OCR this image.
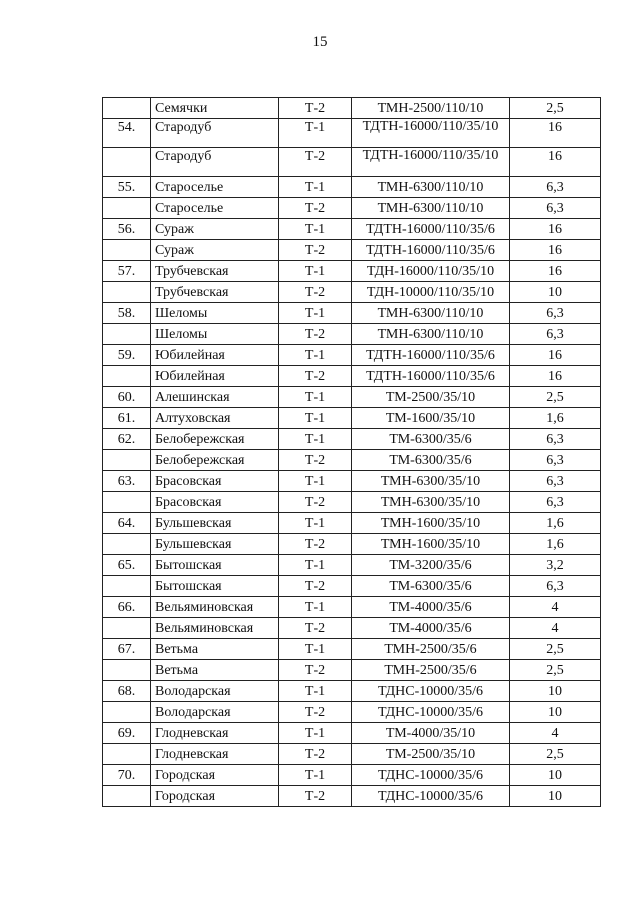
15
	Семячки	Т-2	ТМН-2500/110/10	2,5
54.	Стародуб	Т-1	ТДТН-16000/110/35/10	16
	Стародуб	Т-2	ТДТН-16000/110/35/10	16
55.	Староселье	Т-1	ТМН-6300/110/10	6,3
	Староселье	Т-2	ТМН-6300/110/10	6,3
56.	Сураж	Т-1	ТДТН-16000/110/35/6	16
	Сураж	Т-2	ТДТН-16000/110/35/6	16
57.	Трубчевская	Т-1	ТДН-16000/110/35/10	16
	Трубчевская	Т-2	ТДН-10000/110/35/10	10
58.	Шеломы	Т-1	ТМН-6300/110/10	6,3
	Шеломы	Т-2	ТМН-6300/110/10	6,3
59.	Юбилейная	Т-1	ТДТН-16000/110/35/6	16
	Юбилейная	Т-2	ТДТН-16000/110/35/6	16
60.	Алешинская	Т-1	ТМ-2500/35/10	2,5
61.	Алтуховская	Т-1	ТМ-1600/35/10	1,6
62.	Белобережская	Т-1	ТМ-6300/35/6	6,3
	Белобережская	Т-2	ТМ-6300/35/6	6,3
63.	Брасовская	Т-1	ТМН-6300/35/10	6,3
	Брасовская	Т-2	ТМН-6300/35/10	6,3
64.	Бульшевская	Т-1	ТМН-1600/35/10	1,6
	Бульшевская	Т-2	ТМН-1600/35/10	1,6
65.	Бытошская	Т-1	ТМ-3200/35/6	3,2
	Бытошская	Т-2	ТМ-6300/35/6	6,3
66.	Вельяминовская	Т-1	ТМ-4000/35/6	4
	Вельяминовская	Т-2	ТМ-4000/35/6	4
67.	Ветьма	Т-1	ТМН-2500/35/6	2,5
	Ветьма	Т-2	ТМН-2500/35/6	2,5
68.	Володарская	Т-1	ТДНС-10000/35/6	10
	Володарская	Т-2	ТДНС-10000/35/6	10
69.	Глодневская	Т-1	ТМ-4000/35/10	4
	Глодневская	Т-2	ТМ-2500/35/10	2,5
70.	Городская	Т-1	ТДНС-10000/35/6	10
	Городская	Т-2	ТДНС-10000/35/6	10
